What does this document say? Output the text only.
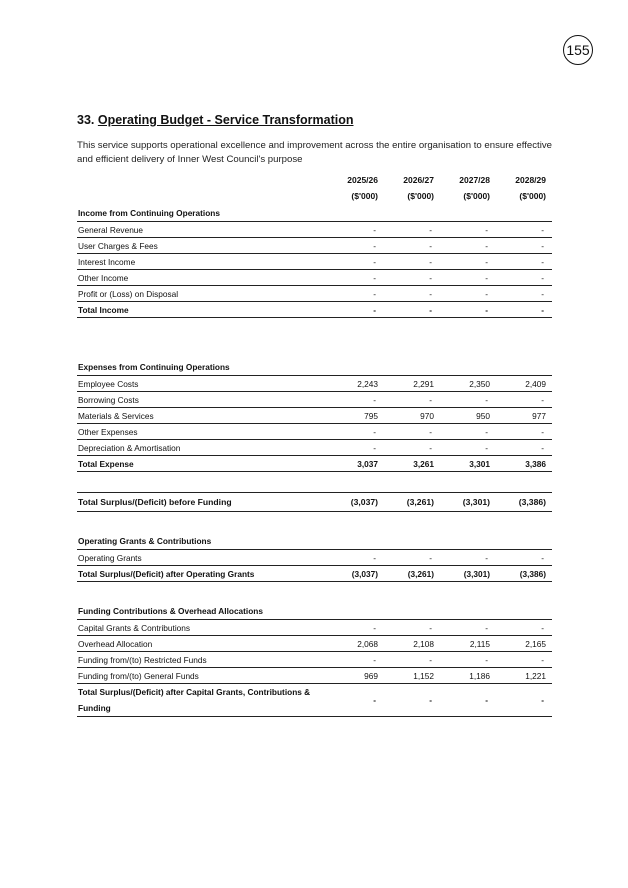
155
33. Operating Budget - Service Transformation

This service supports operational excellence and improvement across the entire organisation to ensure effective and efficient delivery of Inner West Council's purpose

	2025/26	2026/27	2027/28	2028/29
	($'000)	($'000)	($'000)	($'000)
Income from Continuing Operations				
General Revenue	-	-	-	-
User Charges & Fees	-	-	-	-
Interest Income	-	-	-	-
Other Income	-	-	-	-
Profit or (Loss) on Disposal	-	-	-	-
Total Income	-	-	-	-

Expenses from Continuing Operations				
Employee Costs	2,243	2,291	2,350	2,409
Borrowing Costs	-	-	-	-
Materials & Services	795	970	950	977
Other Expenses	-	-	-	-
Depreciation & Amortisation	-	-	-	-
Total Expense	3,037	3,261	3,301	3,386

Total Surplus/(Deficit) before Funding	(3,037)	(3,261)	(3,301)	(3,386)

Operating Grants & Contributions				
Operating Grants	-	-	-	-
Total Surplus/(Deficit) after Operating Grants	(3,037)	(3,261)	(3,301)	(3,386)

Funding Contributions & Overhead Allocations				
Capital Grants & Contributions	-	-	-	-
Overhead Allocation	2,068	2,108	2,115	2,165
Funding from/(to) Restricted Funds	-	-	-	-
Funding from/(to) General Funds	969	1,152	1,186	1,221
Total Surplus/(Deficit) after Capital Grants, Contributions & Funding	-	-	-	-
